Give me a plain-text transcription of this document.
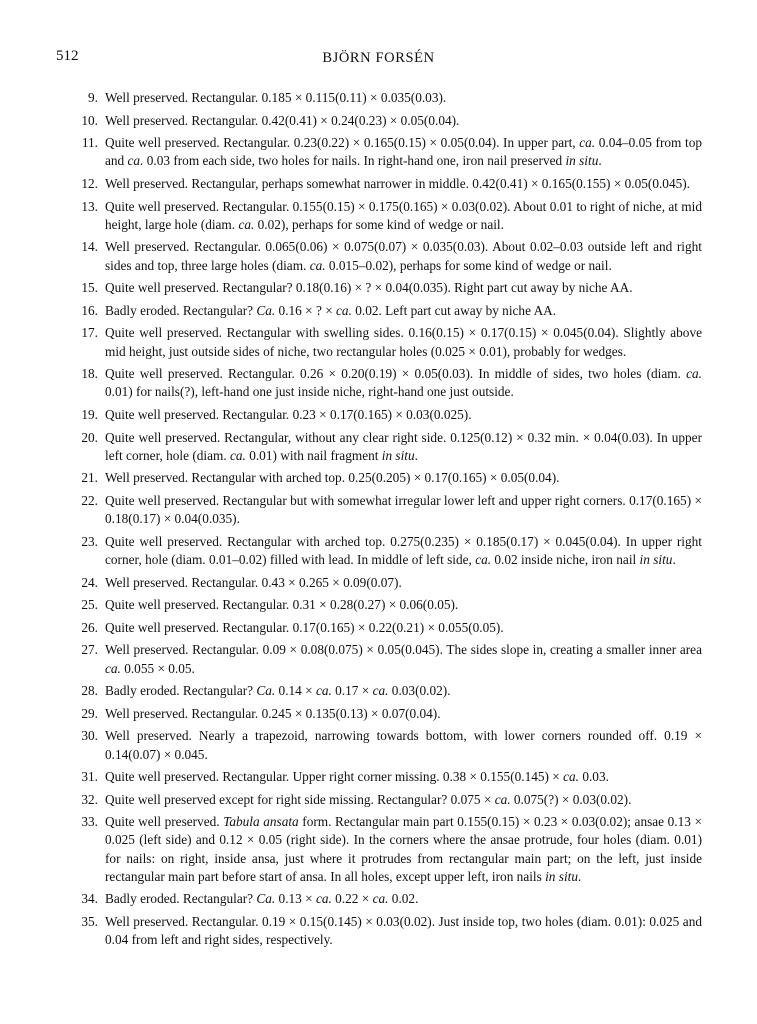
512	BJÖRN FORSÉN
9. Well preserved. Rectangular. 0.185 × 0.115(0.11) × 0.035(0.03).
10. Well preserved. Rectangular. 0.42(0.41) × 0.24(0.23) × 0.05(0.04).
11. Quite well preserved. Rectangular. 0.23(0.22) × 0.165(0.15) × 0.05(0.04). In upper part, ca. 0.04–0.05 from top and ca. 0.03 from each side, two holes for nails. In right-hand one, iron nail preserved in situ.
12. Well preserved. Rectangular, perhaps somewhat narrower in middle. 0.42(0.41) × 0.165(0.155) × 0.05(0.045).
13. Quite well preserved. Rectangular. 0.155(0.15) × 0.175(0.165) × 0.03(0.02). About 0.01 to right of niche, at mid height, large hole (diam. ca. 0.02), perhaps for some kind of wedge or nail.
14. Well preserved. Rectangular. 0.065(0.06) × 0.075(0.07) × 0.035(0.03). About 0.02–0.03 outside left and right sides and top, three large holes (diam. ca. 0.015–0.02), perhaps for some kind of wedge or nail.
15. Quite well preserved. Rectangular? 0.18(0.16) × ? × 0.04(0.035). Right part cut away by niche AA.
16. Badly eroded. Rectangular? Ca. 0.16 × ? × ca. 0.02. Left part cut away by niche AA.
17. Quite well preserved. Rectangular with swelling sides. 0.16(0.15) × 0.17(0.15) × 0.045(0.04). Slightly above mid height, just outside sides of niche, two rectangular holes (0.025 × 0.01), probably for wedges.
18. Quite well preserved. Rectangular. 0.26 × 0.20(0.19) × 0.05(0.03). In middle of sides, two holes (diam. ca. 0.01) for nails(?), left-hand one just inside niche, right-hand one just outside.
19. Quite well preserved. Rectangular. 0.23 × 0.17(0.165) × 0.03(0.025).
20. Quite well preserved. Rectangular, without any clear right side. 0.125(0.12) × 0.32 min. × 0.04(0.03). In upper left corner, hole (diam. ca. 0.01) with nail fragment in situ.
21. Well preserved. Rectangular with arched top. 0.25(0.205) × 0.17(0.165) × 0.05(0.04).
22. Quite well preserved. Rectangular but with somewhat irregular lower left and upper right corners. 0.17(0.165) × 0.18(0.17) × 0.04(0.035).
23. Quite well preserved. Rectangular with arched top. 0.275(0.235) × 0.185(0.17) × 0.045(0.04). In upper right corner, hole (diam. 0.01–0.02) filled with lead. In middle of left side, ca. 0.02 inside niche, iron nail in situ.
24. Well preserved. Rectangular. 0.43 × 0.265 × 0.09(0.07).
25. Quite well preserved. Rectangular. 0.31 × 0.28(0.27) × 0.06(0.05).
26. Quite well preserved. Rectangular. 0.17(0.165) × 0.22(0.21) × 0.055(0.05).
27. Well preserved. Rectangular. 0.09 × 0.08(0.075) × 0.05(0.045). The sides slope in, creating a smaller inner area ca. 0.055 × 0.05.
28. Badly eroded. Rectangular? Ca. 0.14 × ca. 0.17 × ca. 0.03(0.02).
29. Well preserved. Rectangular. 0.245 × 0.135(0.13) × 0.07(0.04).
30. Well preserved. Nearly a trapezoid, narrowing towards bottom, with lower corners rounded off. 0.19 × 0.14(0.07) × 0.045.
31. Quite well preserved. Rectangular. Upper right corner missing. 0.38 × 0.155(0.145) × ca. 0.03.
32. Quite well preserved except for right side missing. Rectangular? 0.075 × ca. 0.075(?) × 0.03(0.02).
33. Quite well preserved. Tabula ansata form. Rectangular main part 0.155(0.15) × 0.23 × 0.03(0.02); ansae 0.13 × 0.025 (left side) and 0.12 × 0.05 (right side). In the corners where the ansae protrude, four holes (diam. 0.01) for nails: on right, inside ansa, just where it protrudes from rectangular main part; on the left, just inside rectangular main part before start of ansa. In all holes, except upper left, iron nails in situ.
34. Badly eroded. Rectangular? Ca. 0.13 × ca. 0.22 × ca. 0.02.
35. Well preserved. Rectangular. 0.19 × 0.15(0.145) × 0.03(0.02). Just inside top, two holes (diam. 0.01): 0.025 and 0.04 from left and right sides, respectively.
